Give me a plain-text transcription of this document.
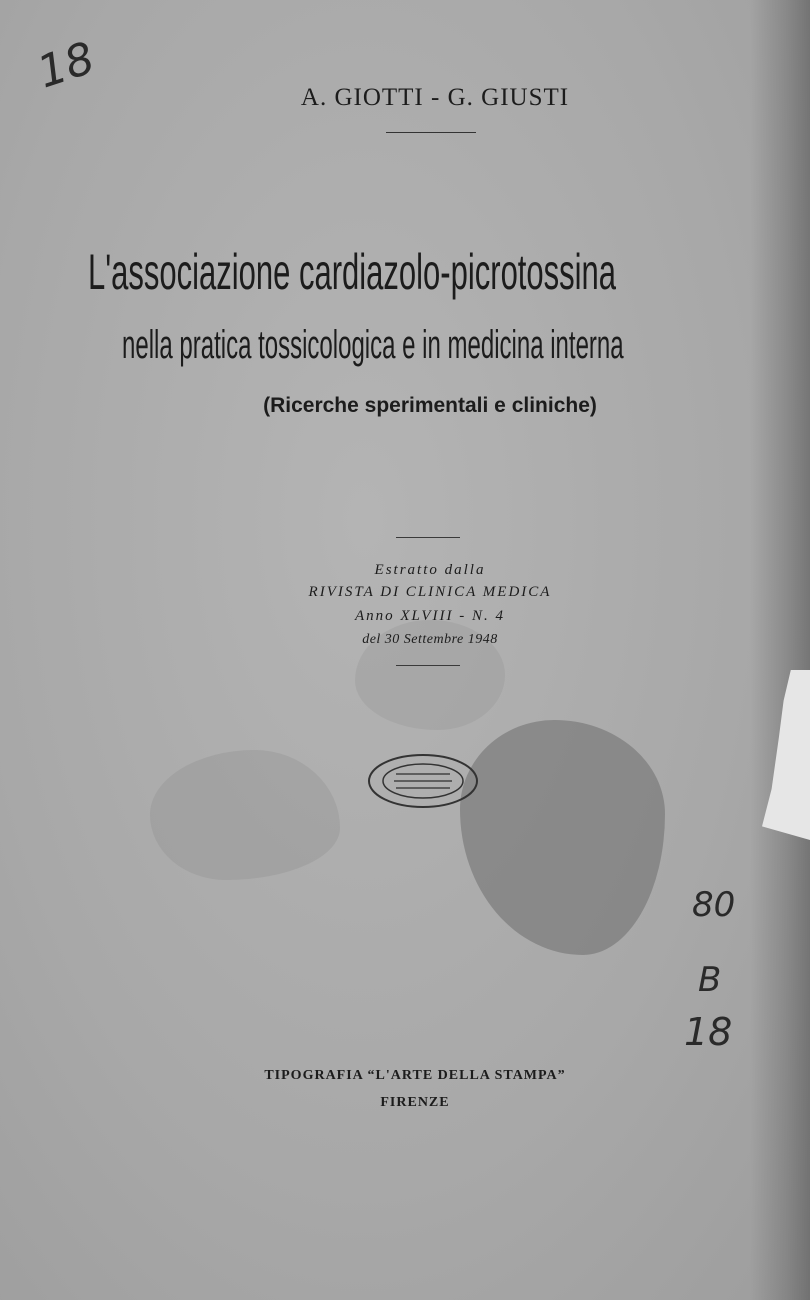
18	A. GIOTTI - G. GIUSTI
L'associazione cardiazolo-picrotossina
nella pratica tossicologica e in medicina interna
(Ricerche sperimentali e cliniche)
Estratto dalla
RIVISTA DI CLINICA MEDICA
Anno XLVIII - N. 4
del 30 Settembre 1948
TIPOGRAFIA “L'ARTE DELLA STAMPA”
FIRENZE
80
B
18
